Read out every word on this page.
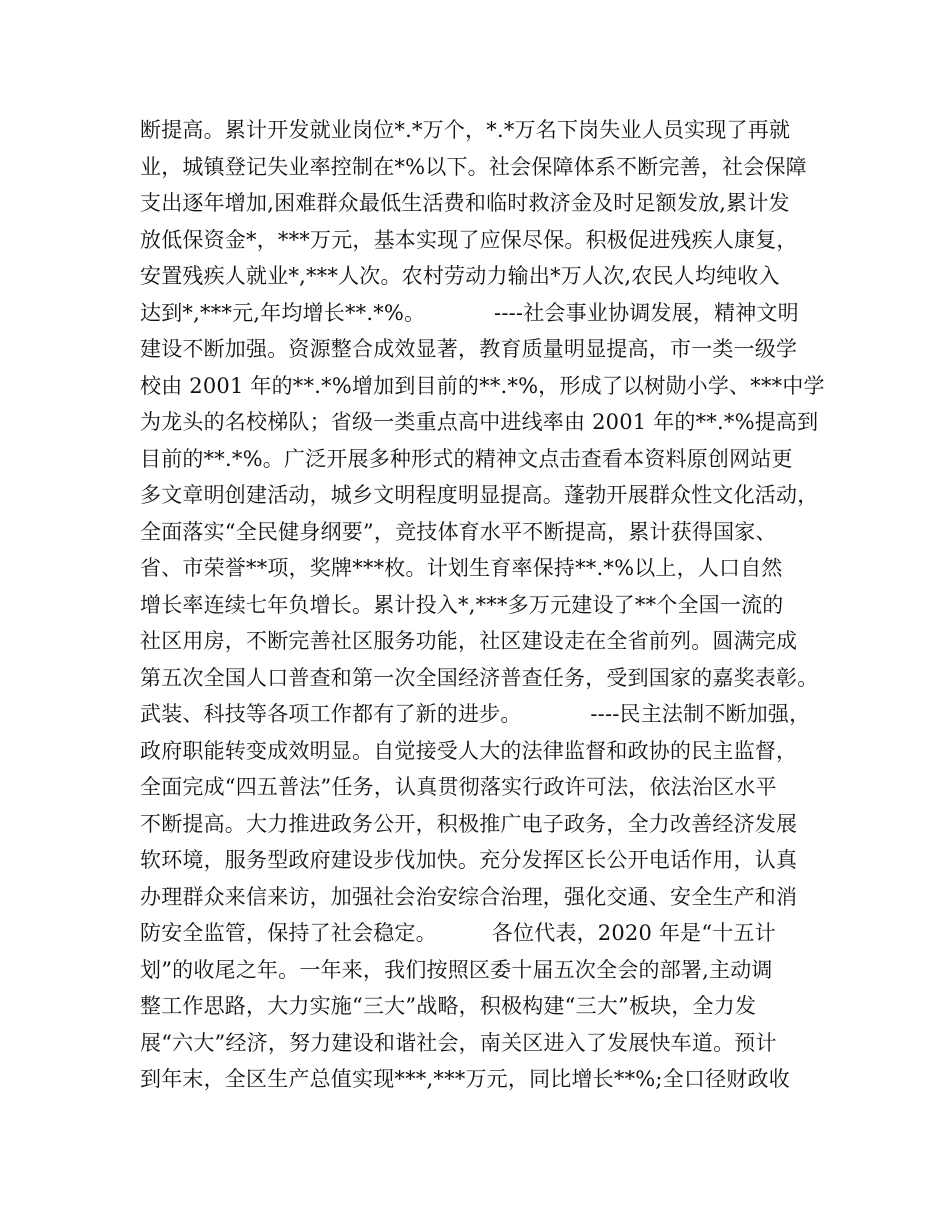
断提高。累计开发就业岗位*.*万个，*.*万名下岗失业人员实现了再就
业，城镇登记失业率控制在*%以下。社会保障体系不断完善，社会保障
支出逐年增加,困难群众最低生活费和临时救济金及时足额发放,累计发
放低保资金*，***万元，基本实现了应保尽保。积极促进残疾人康复，
安置残疾人就业*,***人次。农村劳动力输出*万人次,农民人均纯收入
达到*,***元,年均增长**.*%。          ----社会事业协调发展，精神文明
建设不断加强。资源整合成效显著，教育质量明显提高，市一类一级学
校由 2001 年的**.*%增加到目前的**.*%，形成了以树勋小学、***中学
为龙头的名校梯队；省级一类重点高中进线率由 2001 年的**.*%提高到
目前的**.*%。广泛开展多种形式的精神文点击查看本资料原创网站更
多文章明创建活动，城乡文明程度明显提高。蓬勃开展群众性文化活动，
全面落实“全民健身纲要”，竞技体育水平不断提高，累计获得国家、
省、市荣誉**项，奖牌***枚。计划生育率保持**.*%以上，人口自然
增长率连续七年负增长。累计投入*,***多万元建设了**个全国一流的
社区用房，不断完善社区服务功能，社区建设走在全省前列。圆满完成
第五次全国人口普查和第一次全国经济普查任务，受到国家的嘉奖表彰。
武装、科技等各项工作都有了新的进步。          ----民主法制不断加强，
政府职能转变成效明显。自觉接受人大的法律监督和政协的民主监督，
全面完成“四五普法”任务，认真贯彻落实行政许可法，依法治区水平
不断提高。大力推进政务公开，积极推广电子政务，全力改善经济发展
软环境，服务型政府建设步伐加快。充分发挥区长公开电话作用，认真
办理群众来信来访，加强社会治安综合治理，强化交通、安全生产和消
防安全监管，保持了社会稳定。        各位代表，2020 年是“十五计
划”的收尾之年。一年来，我们按照区委十届五次全会的部署,主动调
整工作思路，大力实施“三大”战略，积极构建“三大”板块，全力发
展“六大”经济，努力建设和谐社会，南关区进入了发展快车道。预计
到年末，全区生产总值实现***,***万元，同比增长**%;全口径财政收
